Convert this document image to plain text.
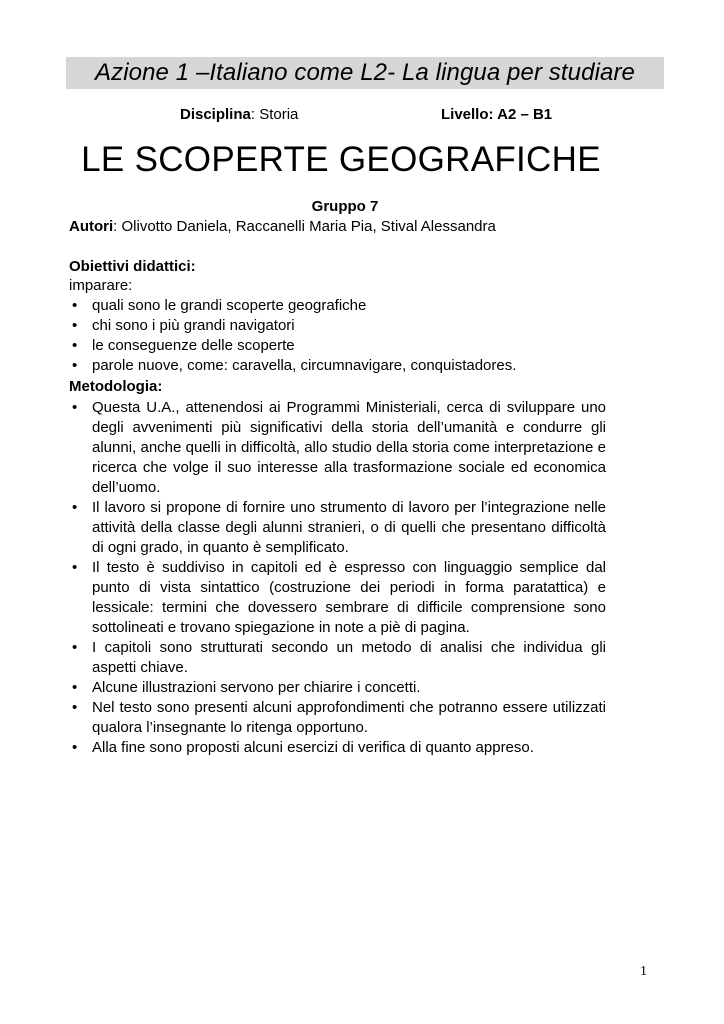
Azione 1 –Italiano come L2- La lingua per studiare
Disciplina: Storia	Livello: A2 – B1
LE SCOPERTE GEOGRAFICHE
Gruppo 7
Autori: Olivotto Daniela, Raccanelli Maria Pia, Stival Alessandra
Obiettivi didattici:
imparare:
• quali sono le grandi scoperte geografiche
• chi sono i più grandi navigatori
• le conseguenze delle scoperte
• parole nuove, come: caravella, circumnavigare, conquistadores.
Metodologia:
• Questa U.A., attenendosi ai Programmi Ministeriali, cerca di sviluppare uno degli avvenimenti più significativi della storia dell’umanità e condurre gli alunni, anche quelli in difficoltà, allo studio della storia come interpretazione e ricerca che volge il suo interesse alla trasformazione sociale ed economica dell’uomo.
• Il lavoro si propone di fornire uno strumento di lavoro per l’integrazione nelle attività della classe degli alunni stranieri, o di quelli che presentano difficoltà di ogni grado, in quanto è semplificato.
• Il testo è suddiviso in capitoli ed è espresso con linguaggio semplice dal punto di vista sintattico (costruzione dei periodi in forma paratattica) e lessicale: termini che dovessero sembrare di difficile comprensione sono sottolineati e trovano spiegazione in note a piè di pagina.
• I capitoli sono strutturati secondo un metodo di analisi che individua gli aspetti chiave.
• Alcune illustrazioni servono per chiarire i concetti.
• Nel testo sono presenti alcuni approfondimenti che potranno essere utilizzati qualora l’insegnante lo ritenga opportuno.
• Alla fine sono proposti alcuni esercizi di verifica di quanto appreso.
1
